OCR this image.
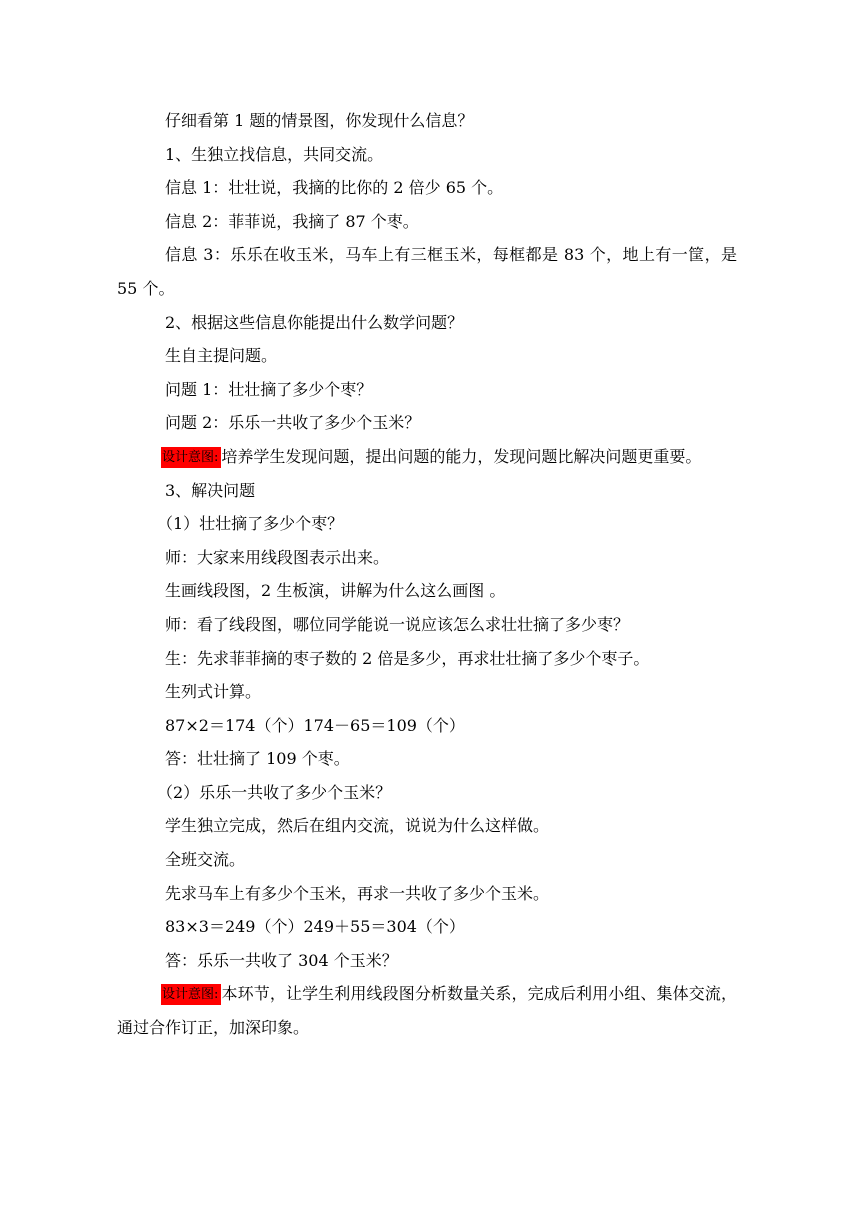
仔细看第 1 题的情景图，你发现什么信息？

1、生独立找信息，共同交流。

信息 1：壮壮说，我摘的比你的 2 倍少 65 个。

信息 2：菲菲说，我摘了 87 个枣。

信息 3：乐乐在收玉米，马车上有三框玉米，每框都是 83 个，地上有一筐，是 55 个。

2、根据这些信息你能提出什么数学问题？

生自主提问题。

问题 1：壮壮摘了多少个枣？

问题 2：乐乐一共收了多少个玉米？

设计意图: 培养学生发现问题，提出问题的能力，发现问题比解决问题更重要。

3、解决问题

（1）壮壮摘了多少个枣？

师：大家来用线段图表示出来。

生画线段图，2 生板演，讲解为什么这么画图 。

师：看了线段图，哪位同学能说一说应该怎么求壮壮摘了多少枣？

生：先求菲菲摘的枣子数的 2 倍是多少，再求壮壮摘了多少个枣子。

生列式计算。

87×2＝174（个）174－65＝109（个）

答：壮壮摘了 109 个枣。

（2）乐乐一共收了多少个玉米？

学生独立完成，然后在组内交流，说说为什么这样做。

全班交流。

先求马车上有多少个玉米，再求一共收了多少个玉米。

83×3＝249（个）249＋55＝304（个）

答：乐乐一共收了 304 个玉米？

设计意图: 本环节，让学生利用线段图分析数量关系，完成后利用小组、集体交流，通过合作订正，加深印象。
